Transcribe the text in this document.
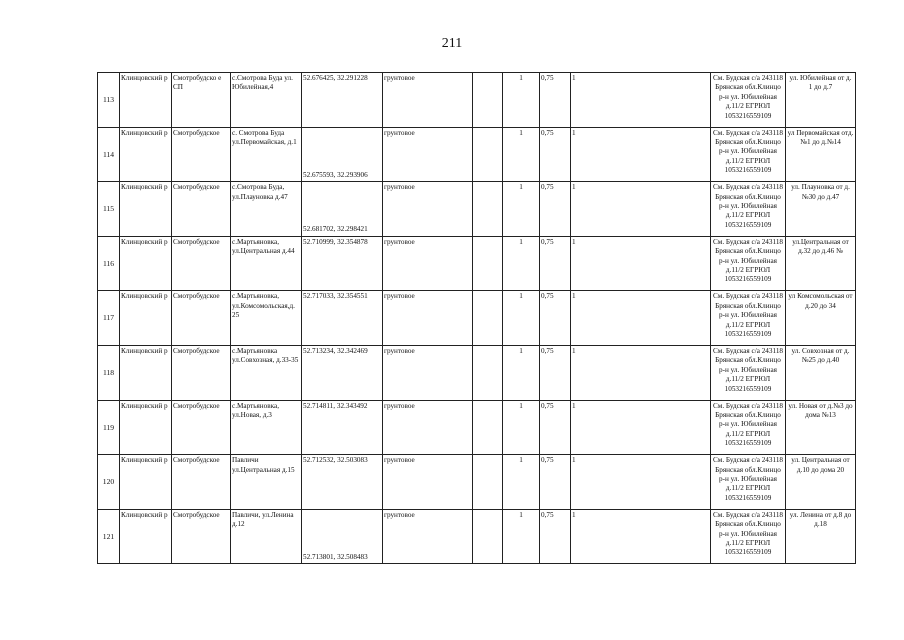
211
113	Клинцовский р	Смотробудско е СП	с.Смотрова Буда ул. Юбилейная,4	52.676425, 32.291228	грунтовое		1	0,75	1	См. Будская с/а 243118 Брянская обл.Клинцо р-н ул. Юбилейная д.11/2 ЕГРЮЛ 1053216559109	ул. Юбилейная от д. 1 до д.7
114	Клинцовский р	Смотробудское	с. Смотрова Буда ул.Первомайская, д.1	52.675593, 32.293906	грунтовое		1	0,75	1	См. Будская с/а 243118 Брянская обл.Клинцо р-н ул. Юбилейная д.11/2 ЕГРЮЛ 1053216559109	ул Первомайская отд.№1 до д.№14
115	Клинцовский р	Смотробудское	с.Смотрова Буда, ул.Плауновка д.47	52.681702, 32.298421	грунтовое		1	0,75	1	См. Будская с/а 243118 Брянская обл.Клинцо р-н ул. Юбилейная д.11/2 ЕГРЮЛ 1053216559109	ул. Плауновка от д.№30 до д.47
116	Клинцовский р	Смотробудское	с.Мартьяновка, ул.Центральная д.44	52.710999, 32.354878	грунтовое		1	0,75	1	См. Будская с/а 243118 Брянская обл.Клинцо р-н ул. Юбилейная д.11/2 ЕГРЮЛ 1053216559109	ул.Центральная от д.32 до д.46 №
117	Клинцовский р	Смотробудское	с.Мартьяновка, ул.Комсомольская,д. 25	52.717033, 32.354551	грунтовое		1	0,75	1	См. Будская с/а 243118 Брянская обл.Клинцо р-н ул. Юбилейная д.11/2 ЕГРЮЛ 1053216559109	ул Комсомольская от д.20 до 34
118	Клинцовский р	Смотробудское	с.Мартьяновка ул.Совхозная, д.33-35	52.713234, 32.342469	грунтовое		1	0,75	1	См. Будская с/а 243118 Брянская обл.Клинцо р-н ул. Юбилейная д.11/2 ЕГРЮЛ 1053216559109	ул. Совхозная от д.№25 до д.40
119	Клинцовский р	Смотробудское	с.Мартьяновка, ул.Новая, д.3	52.714811, 32.343492	грунтовое		1	0,75	1	См. Будская с/а 243118 Брянская обл.Клинцо р-н ул. Юбилейная д.11/2 ЕГРЮЛ 1053216559109	ул. Новая от д.№3 до дома №13
120	Клинцовский р	Смотробудское	Павличи ул.Центральная д.15	52.712532, 32.503083	грунтовое		1	0,75	1	См. Будская с/а 243118 Брянская обл.Клинцо р-н ул. Юбилейная д.11/2 ЕГРЮЛ 1053216559109	ул. Центральная от д.10 до дома 20
121	Клинцовский р	Смотробудское	Павличи, ул.Ленина д.12	52.713801, 32.508483	грунтовое		1	0,75	1	См. Будская с/а 243118 Брянская обл.Клинцо р-н ул. Юбилейная д.11/2 ЕГРЮЛ 1053216559109	ул. Ленина от д.8 до д.18
